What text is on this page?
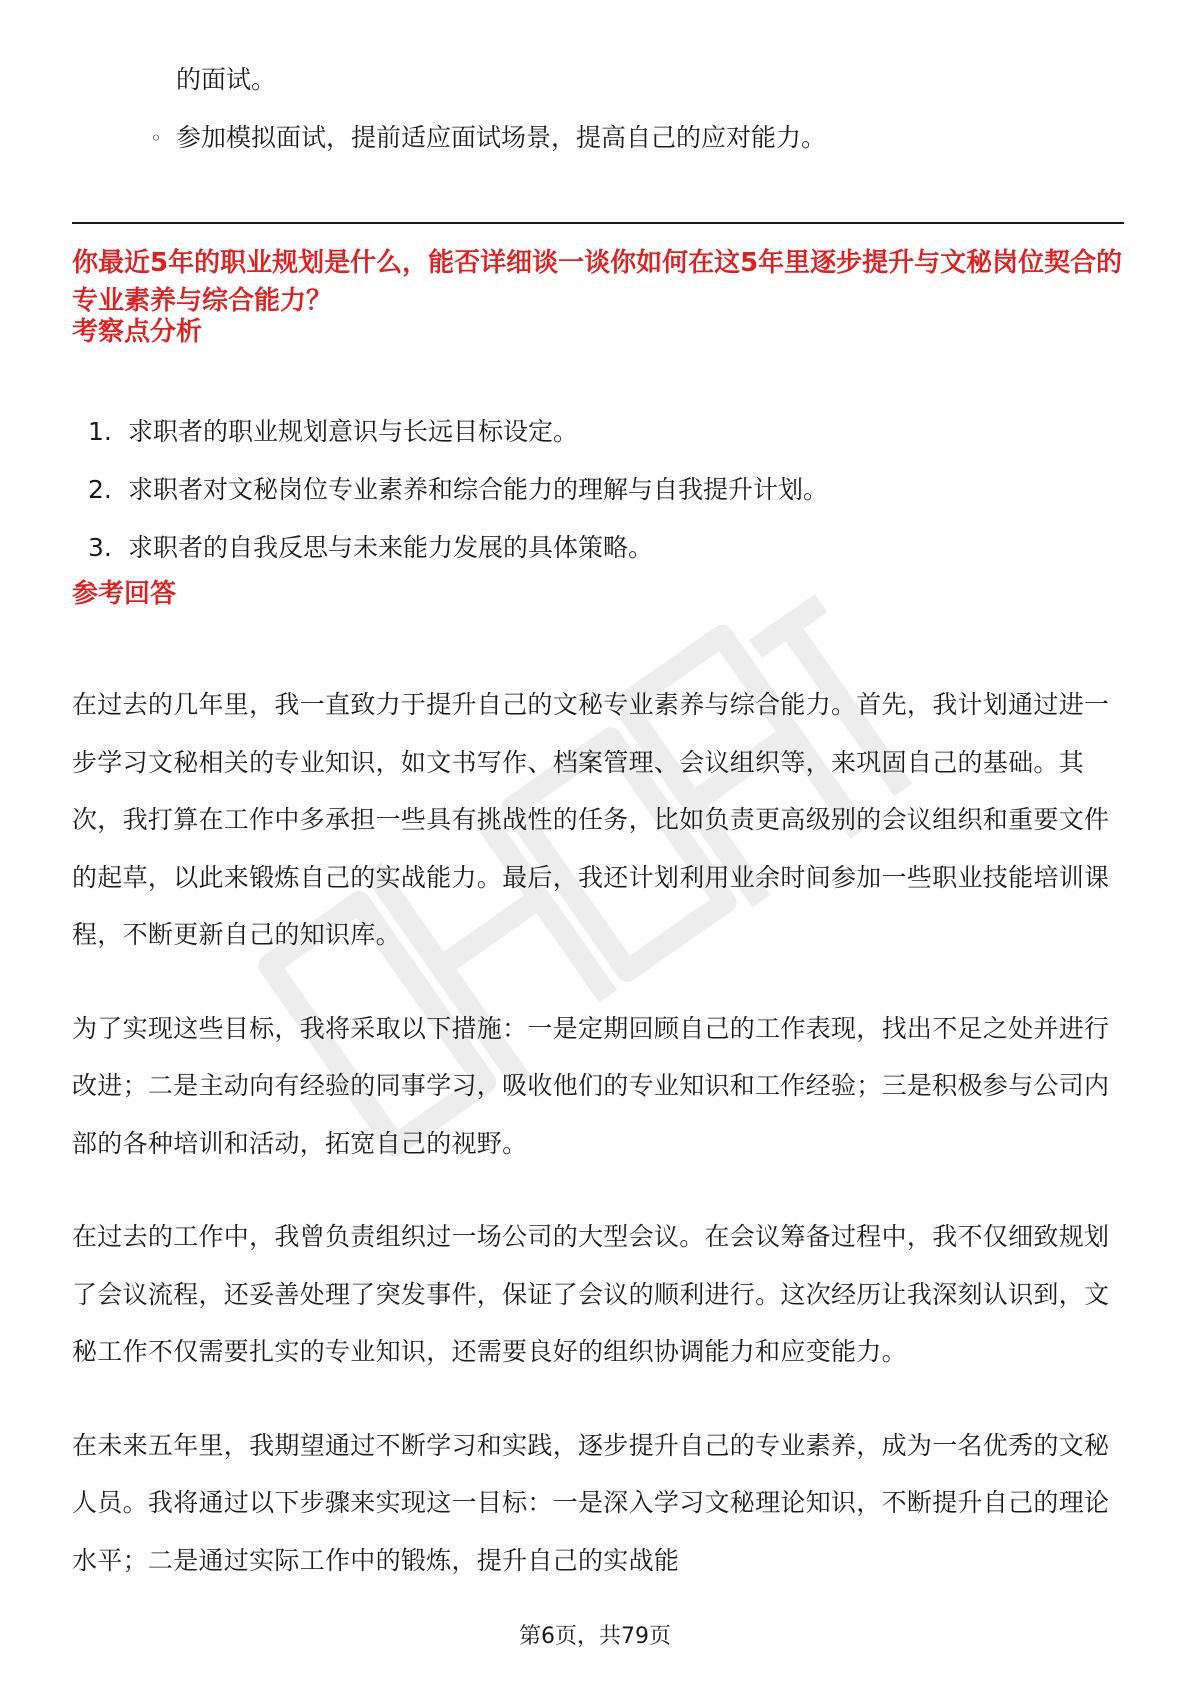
的面试。
◦ 参加模拟面试，提前适应面试场景，提高自己的应对能力。
你最近5年的职业规划是什么，能否详细谈一谈你如何在这5年里逐步提升与文秘岗位契合的专业素养与综合能力？
考察点分析
1. 求职者的职业规划意识与长远目标设定。
2. 求职者对文秘岗位专业素养和综合能力的理解与自我提升计划。
3. 求职者的自我反思与未来能力发展的具体策略。
参考回答

在过去的几年里，我一直致力于提升自己的文秘专业素养与综合能力。首先，我计划通过进一步学习文秘相关的专业知识，如文书写作、档案管理、会议组织等，来巩固自己的基础。其次，我打算在工作中多承担一些具有挑战性的任务，比如负责更高级别的会议组织和重要文件的起草，以此来锻炼自己的实战能力。最后，我还计划利用业余时间参加一些职业技能培训课程，不断更新自己的知识库。

为了实现这些目标，我将采取以下措施：一是定期回顾自己的工作表现，找出不足之处并进行改进；二是主动向有经验的同事学习，吸收他们的专业知识和工作经验；三是积极参与公司内部的各种培训和活动，拓宽自己的视野。

在过去的工作中，我曾负责组织过一场公司的大型会议。在会议筹备过程中，我不仅细致规划了会议流程，还妥善处理了突发事件，保证了会议的顺利进行。这次经历让我深刻认识到，文秘工作不仅需要扎实的专业知识，还需要良好的组织协调能力和应变能力。

在未来五年里，我期望通过不断学习和实践，逐步提升自己的专业素养，成为一名优秀的文秘人员。我将通过以下步骤来实现这一目标：一是深入学习文秘理论知识，不断提升自己的理论水平；二是通过实际工作中的锻炼，提升自己的实战能

第6页，共79页
